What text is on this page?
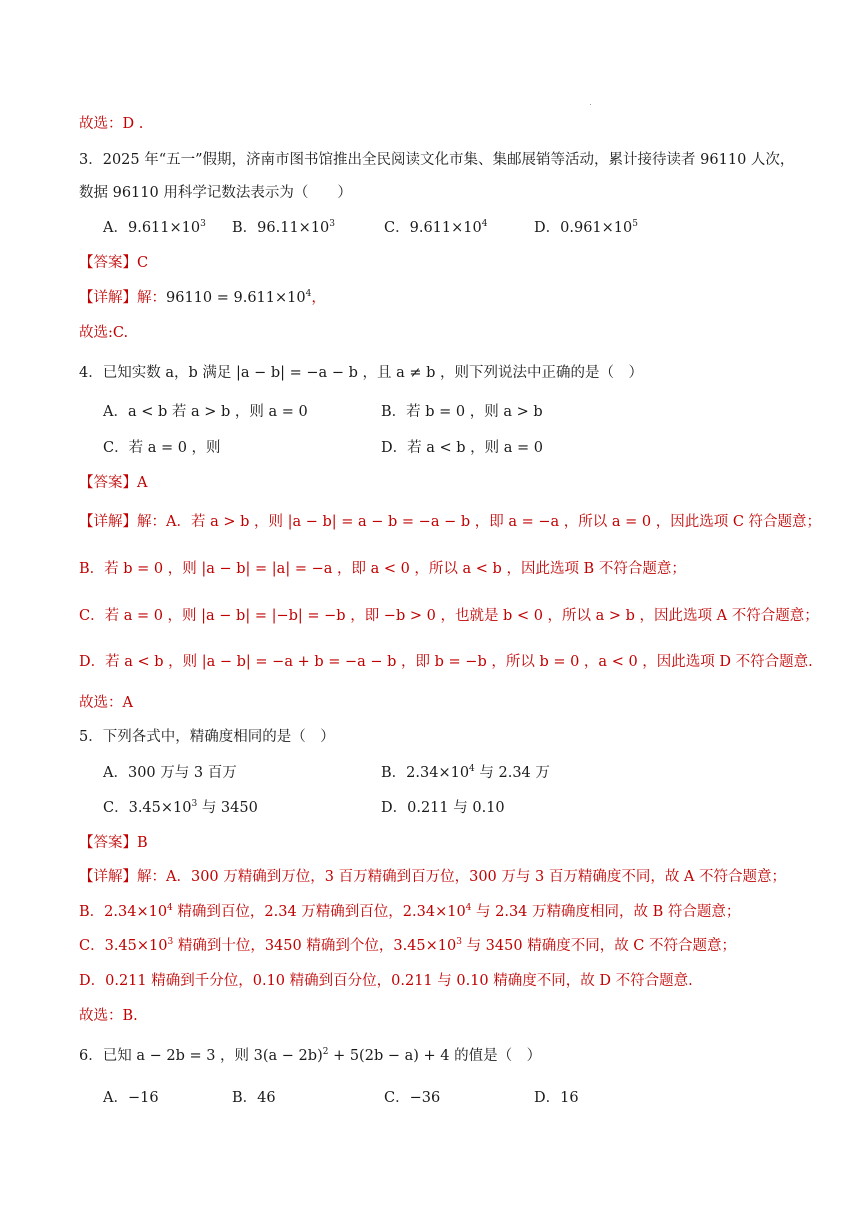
故选：D .
3．2025 年“五一”假期，济南市图书馆推出全民阅读文化市集、集邮展销等活动，累计接待读者 96110 人次，
数据 96110 用科学记数法表示为（　　）
A．$9.611\times 10^3$ B．$96.11\times 10^3$	C．$9.611\times 10^4$	D．$0.961\times 10^5$
【答案】C
【详解】解：$96110 = 9.611\times 10^4$，
故选:C.
4．已知实数 a，b 满足 |a − b| = −a − b ，且 a ≠ b ，则下列说法中正确的是（　）
A．a < b 若 a > b ，则 a = 0	B．若 b = 0 ，则 a > b
C．若 a = 0 ，则	D．若 a < b ，则 a = 0
【答案】A
【详解】解：A．若 a > b ，则 |a − b| = a − b = −a − b ，即 a = −a ，所以 a = 0 ，因此选项 C 符合题意；
B．若 b = 0 ，则 |a − b| = |a| = −a ，即 a < 0 ，所以 a < b ，因此选项 B 不符合题意；
C．若 a = 0 ，则 |a − b| = |−b| = −b ，即 −b > 0 ，也就是 b < 0 ，所以 a > b ，因此选项 A 不符合题意；
D．若 a < b ，则 |a − b| = −a + b = −a − b ，即 b = −b ，所以 b = 0 ，a < 0 ，因此选项 D 不符合题意.
故选：A
5．下列各式中，精确度相同的是（　）
A．300 万与 3 百万	B．$2.34\times 10^4$ 与 2.34 万
C．$3.45\times 10^3$ 与 3450	D．0.211 与 0.10
【答案】B
【详解】解：A．300 万精确到万位，3 百万精确到百万位，300 万与 3 百万精确度不同，故 A 不符合题意；
B．$2.34\times 10^4$ 精确到百位，2.34 万精确到百位，$2.34\times 10^4$ 与 2.34 万精确度相同，故 B 符合题意；
C．$3.45\times 10^3$ 精确到十位，3450 精确到个位，$3.45\times 10^3$ 与 3450 精确度不同，故 C 不符合题意；
D．0.211 精确到千分位，0.10 精确到百分位，0.211 与 0.10 精确度不同，故 D 不符合题意.
故选：B.
6．已知 a − 2b = 3 ，则 $3(a - 2b)^2 + 5(2b - a) + 4$ 的值是（　）
A．−16	B．46	C．−36	D．16
